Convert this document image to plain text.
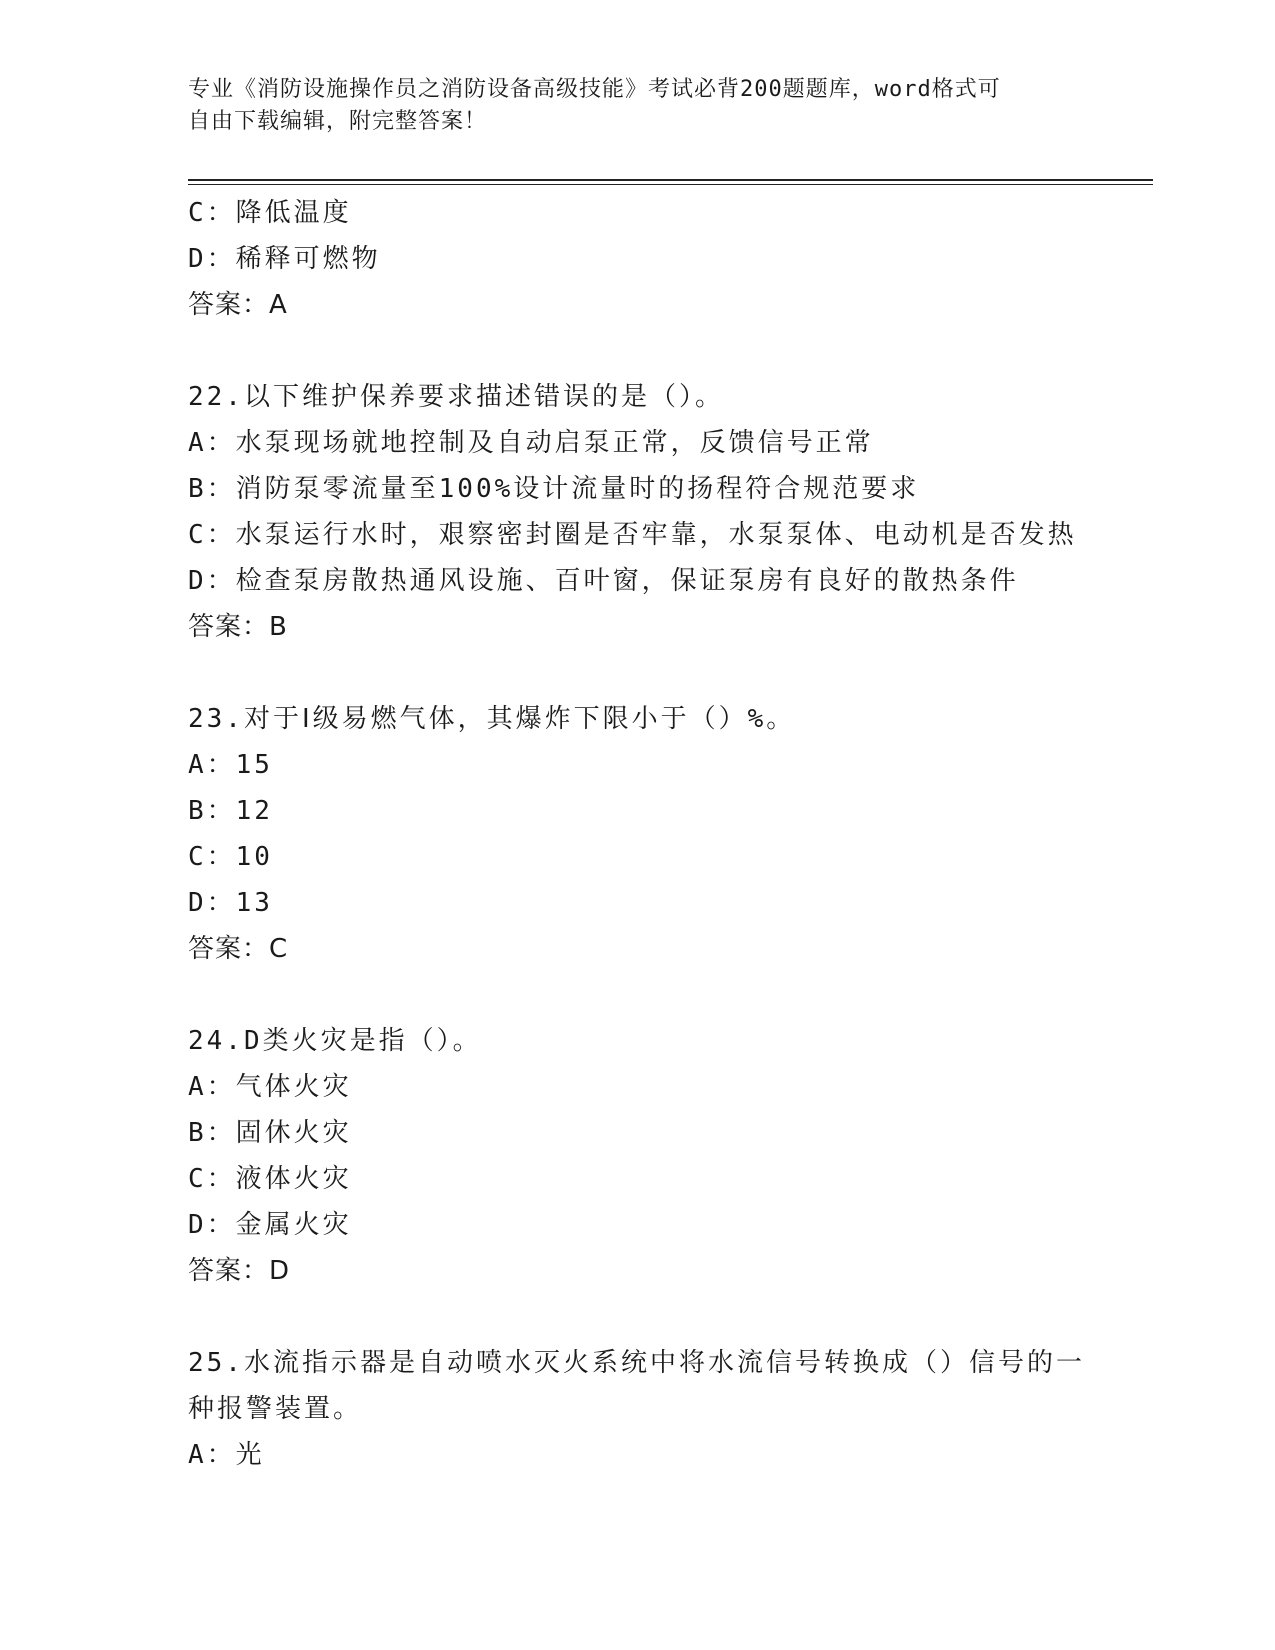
专业《消防设施操作员之消防设备高级技能》考试必背200题题库，word格式可
自由下载编辑，附完整答案！
C：降低温度
D：稀释可燃物
答案：A
22.以下维护保养要求描述错误的是（）。
A：水泵现场就地控制及自动启泵正常，反馈信号正常
B：消防泵零流量至100%设计流量时的扬程符合规范要求
C：水泵运行水时，艰察密封圈是否牢靠，水泵泵体、电动机是否发热
D：检查泵房散热通风设施、百叶窗，保证泵房有良好的散热条件
答案：B
23.对于Ⅰ级易燃气体，其爆炸下限小于（）%。
A：15
B：12
C：10
D：13
答案：C
24.D类火灾是指（）。
A：气体火灾
B：固休火灾
C：液体火灾
D：金属火灾
答案：D
25.水流指示器是自动喷水灭火系统中将水流信号转换成（）信号的一
种报警装置。
A：光
